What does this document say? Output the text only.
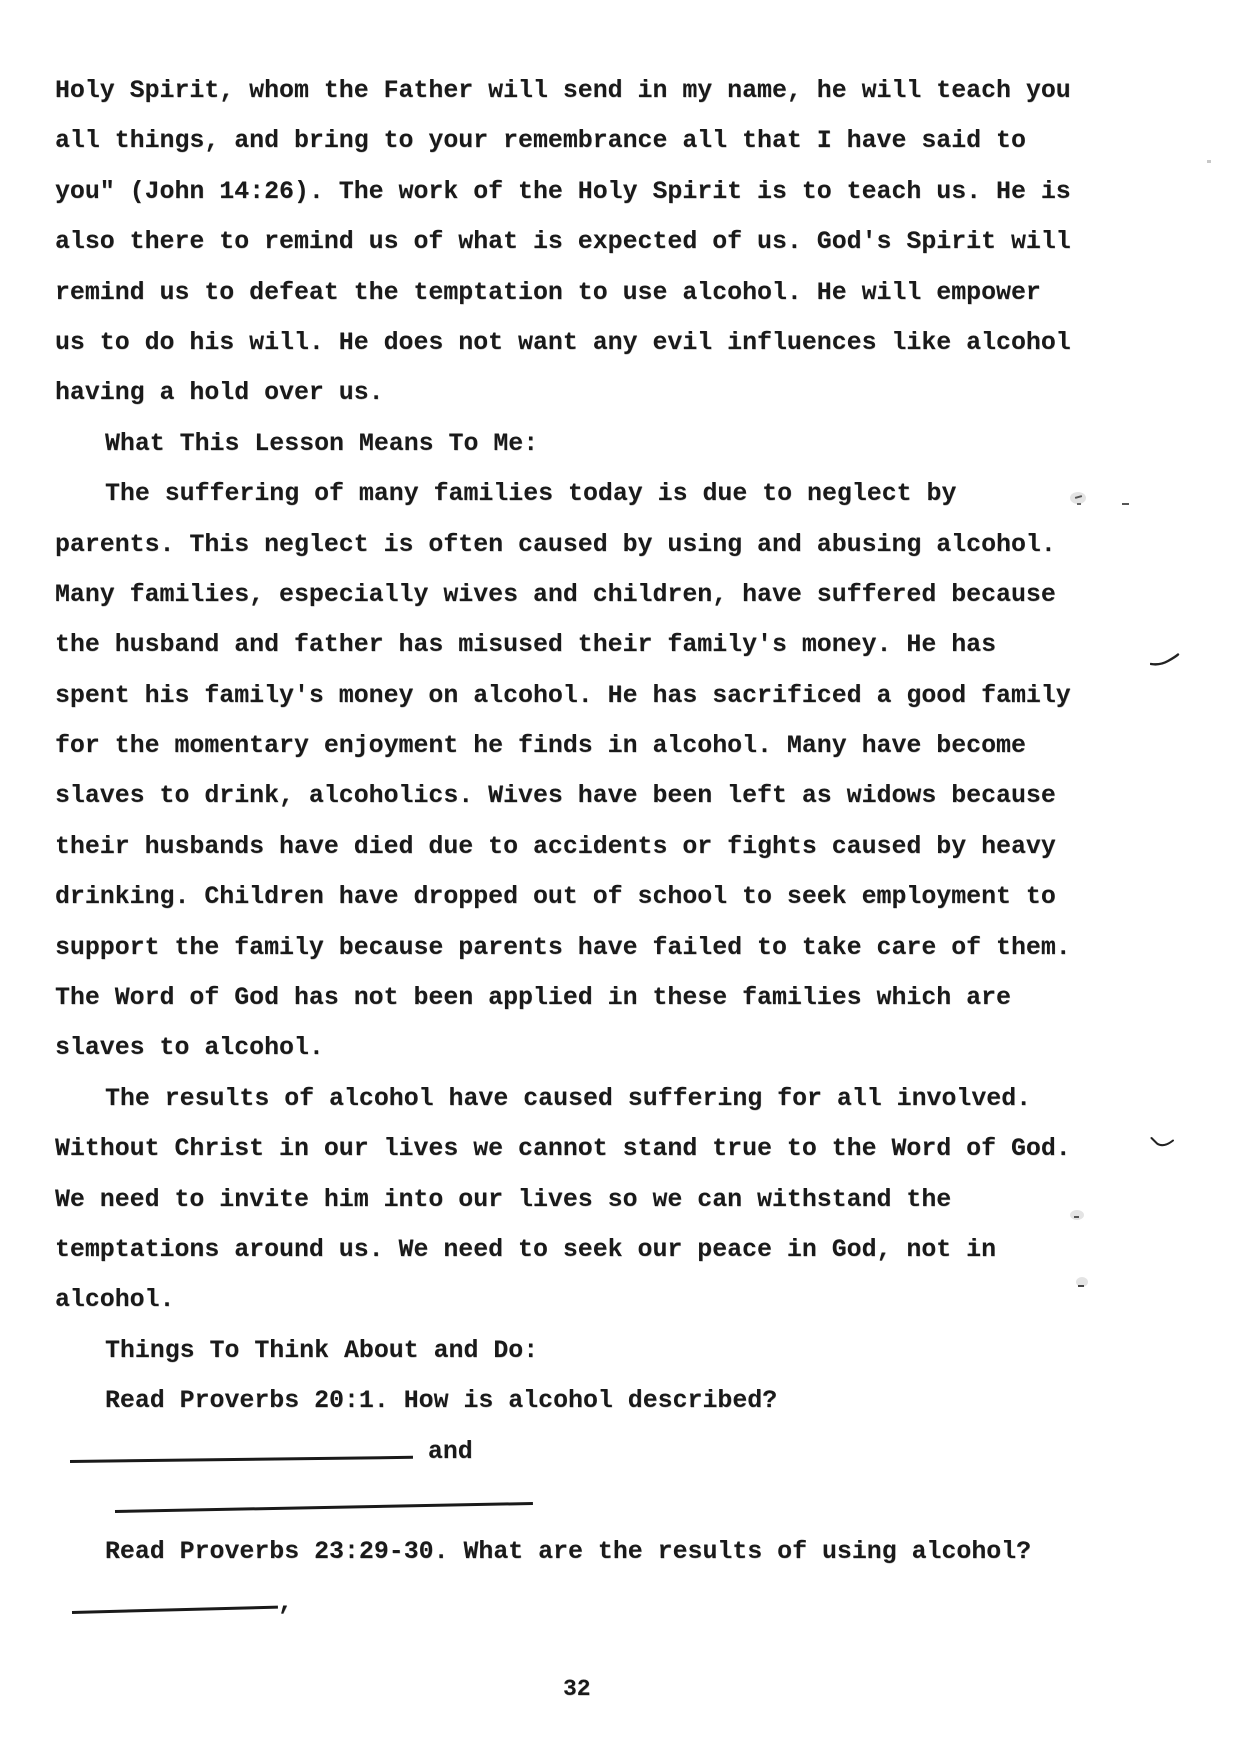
Holy Spirit, whom the Father will send in my name, he will teach you
all things, and bring to your remembrance all that I have said to
you" (John 14:26). The work of the Holy Spirit is to teach us. He is
also there to remind us of what is expected of us. God's Spirit will
remind us to defeat the temptation to use alcohol. He will empower
us to do his will. He does not want any evil influences like alcohol
having a hold over us.
What This Lesson Means To Me:
The suffering of many families today is due to neglect by
parents. This neglect is often caused by using and abusing alcohol.
Many families, especially wives and children, have suffered because
the husband and father has misused their family's money. He has
spent his family's money on alcohol. He has sacrificed a good family
for the momentary enjoyment he finds in alcohol. Many have become
slaves to drink, alcoholics. Wives have been left as widows because
their husbands have died due to accidents or fights caused by heavy
drinking. Children have dropped out of school to seek employment to
support the family because parents have failed to take care of them.
The Word of God has not been applied in these families which are
slaves to alcohol.
The results of alcohol have caused suffering for all involved.
Without Christ in our lives we cannot stand true to the Word of God.
We need to invite him into our lives so we can withstand the
temptations around us. We need to seek our peace in God, not in
alcohol.
Things To Think About and Do:
Read Proverbs 20:1. How is alcohol described?
and
Read Proverbs 23:29-30. What are the results of using alcohol?
,
32
